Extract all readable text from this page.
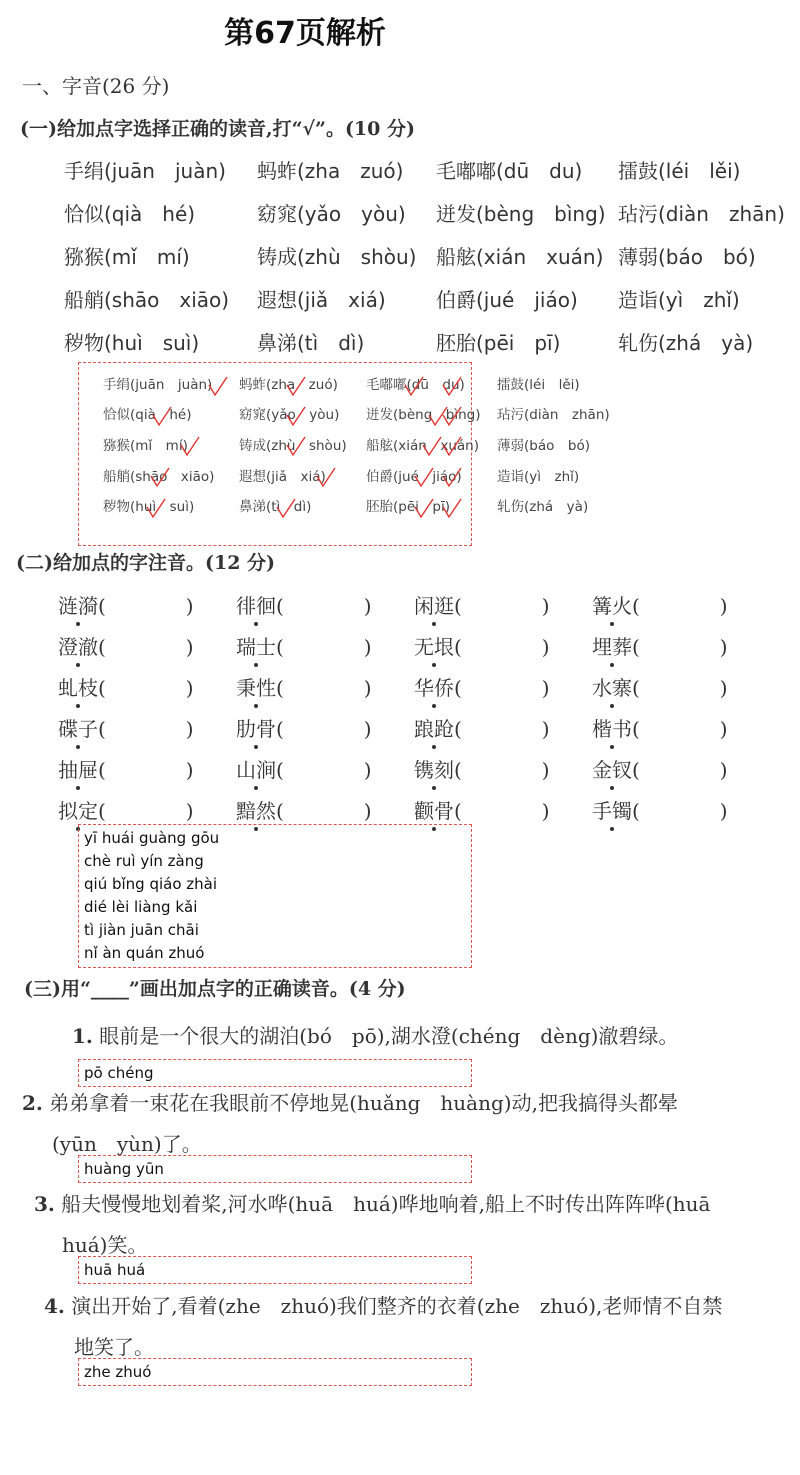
第67页解析
一、字音(26 分)
(一)给加点字选择正确的读音,打“√”。(10 分)
手绢(juān　juàn) 蚂蚱(zha　zuó) 毛嘟嘟(dū　du) 擂鼓(léi　lěi)
恰似(qià　hé)	窈窕(yǎo　yòu) 迸发(bèng　bìng) 玷污(diàn　zhān)
猕猴(mǐ　mí)	铸成(zhù　shòu) 船舷(xián　xuán) 薄弱(báo　bó)
船艄(shāo　xiāo) 遐想(jiǎ　xiá)	伯爵(jué　jiáo) 造诣(yì　zhǐ)
秽物(huì　suì)	鼻涕(tì　dì)	胚胎(pēi　pī)	轧伤(zhá　yà)
手绢(juān　juàn) 蚂蚱(zha　zuó) 毛嘟嘟(dū　du) 擂鼓(léi　lěi)
恰似(qià　hé)	窈窕(yǎo　yòu) 迸发(bèng　bìng) 玷污(diàn　zhān)
猕猴(mǐ　mí)	铸成(zhù　shòu) 船舷(xián　xuán) 薄弱(báo　bó)
船艄(shāo　xiāo) 遐想(jiǎ　xiá)	伯爵(jué　jiáo)	造诣(yì　zhǐ)
秽物(huì　suì)	鼻涕(tì　dì)	胚胎(pēi　pī)	轧伤(zhá　yà)
(二)给加点的字注音。(12 分)
涟漪(　　　　) 徘徊(　　　　) 闲逛(　　　　) 篝火(　　　　)
澄澈(　　　　) 瑞士(　　　　) 无垠(　　　　) 埋葬(　　　　)
虬枝(　　　　) 秉性(　　　　) 华侨(　　　　) 水寨(　　　　)
碟子(　　　　) 肋骨(　　　　) 踉跄(　　　　) 楷书(　　　　)
抽屉(　　　　) 山涧(　　　　) 镌刻(　　　　) 金钗(　　　　)
拟定(　　　　) 黯然(　　　　) 颧骨(　　　　) 手镯(　　　　)
yī huái guàng gōu
chè ruì yín zàng
qiú bǐng qiáo zhài
dié lèi liàng kǎi
tì jiàn juān chāi
nǐ àn quán zhuó
(三)用“____”画出加点字的正确读音。(4 分)
1. 眼前是一个很大的湖泊(bó　pō),湖水澄(chéng　dèng)澈碧绿。
pō chéng
2. 弟弟拿着一束花在我眼前不停地晃(huǎng　huàng)动,把我搞得头都晕
(yūn　yùn)了。
huàng yūn
3. 船夫慢慢地划着桨,河水哗(huā　huá)哗地响着,船上不时传出阵阵哗(huā
huá)笑。
huā huá
4. 演出开始了,看着(zhe　zhuó)我们整齐的衣着(zhe　zhuó),老师情不自禁
地笑了。
zhe zhuó
